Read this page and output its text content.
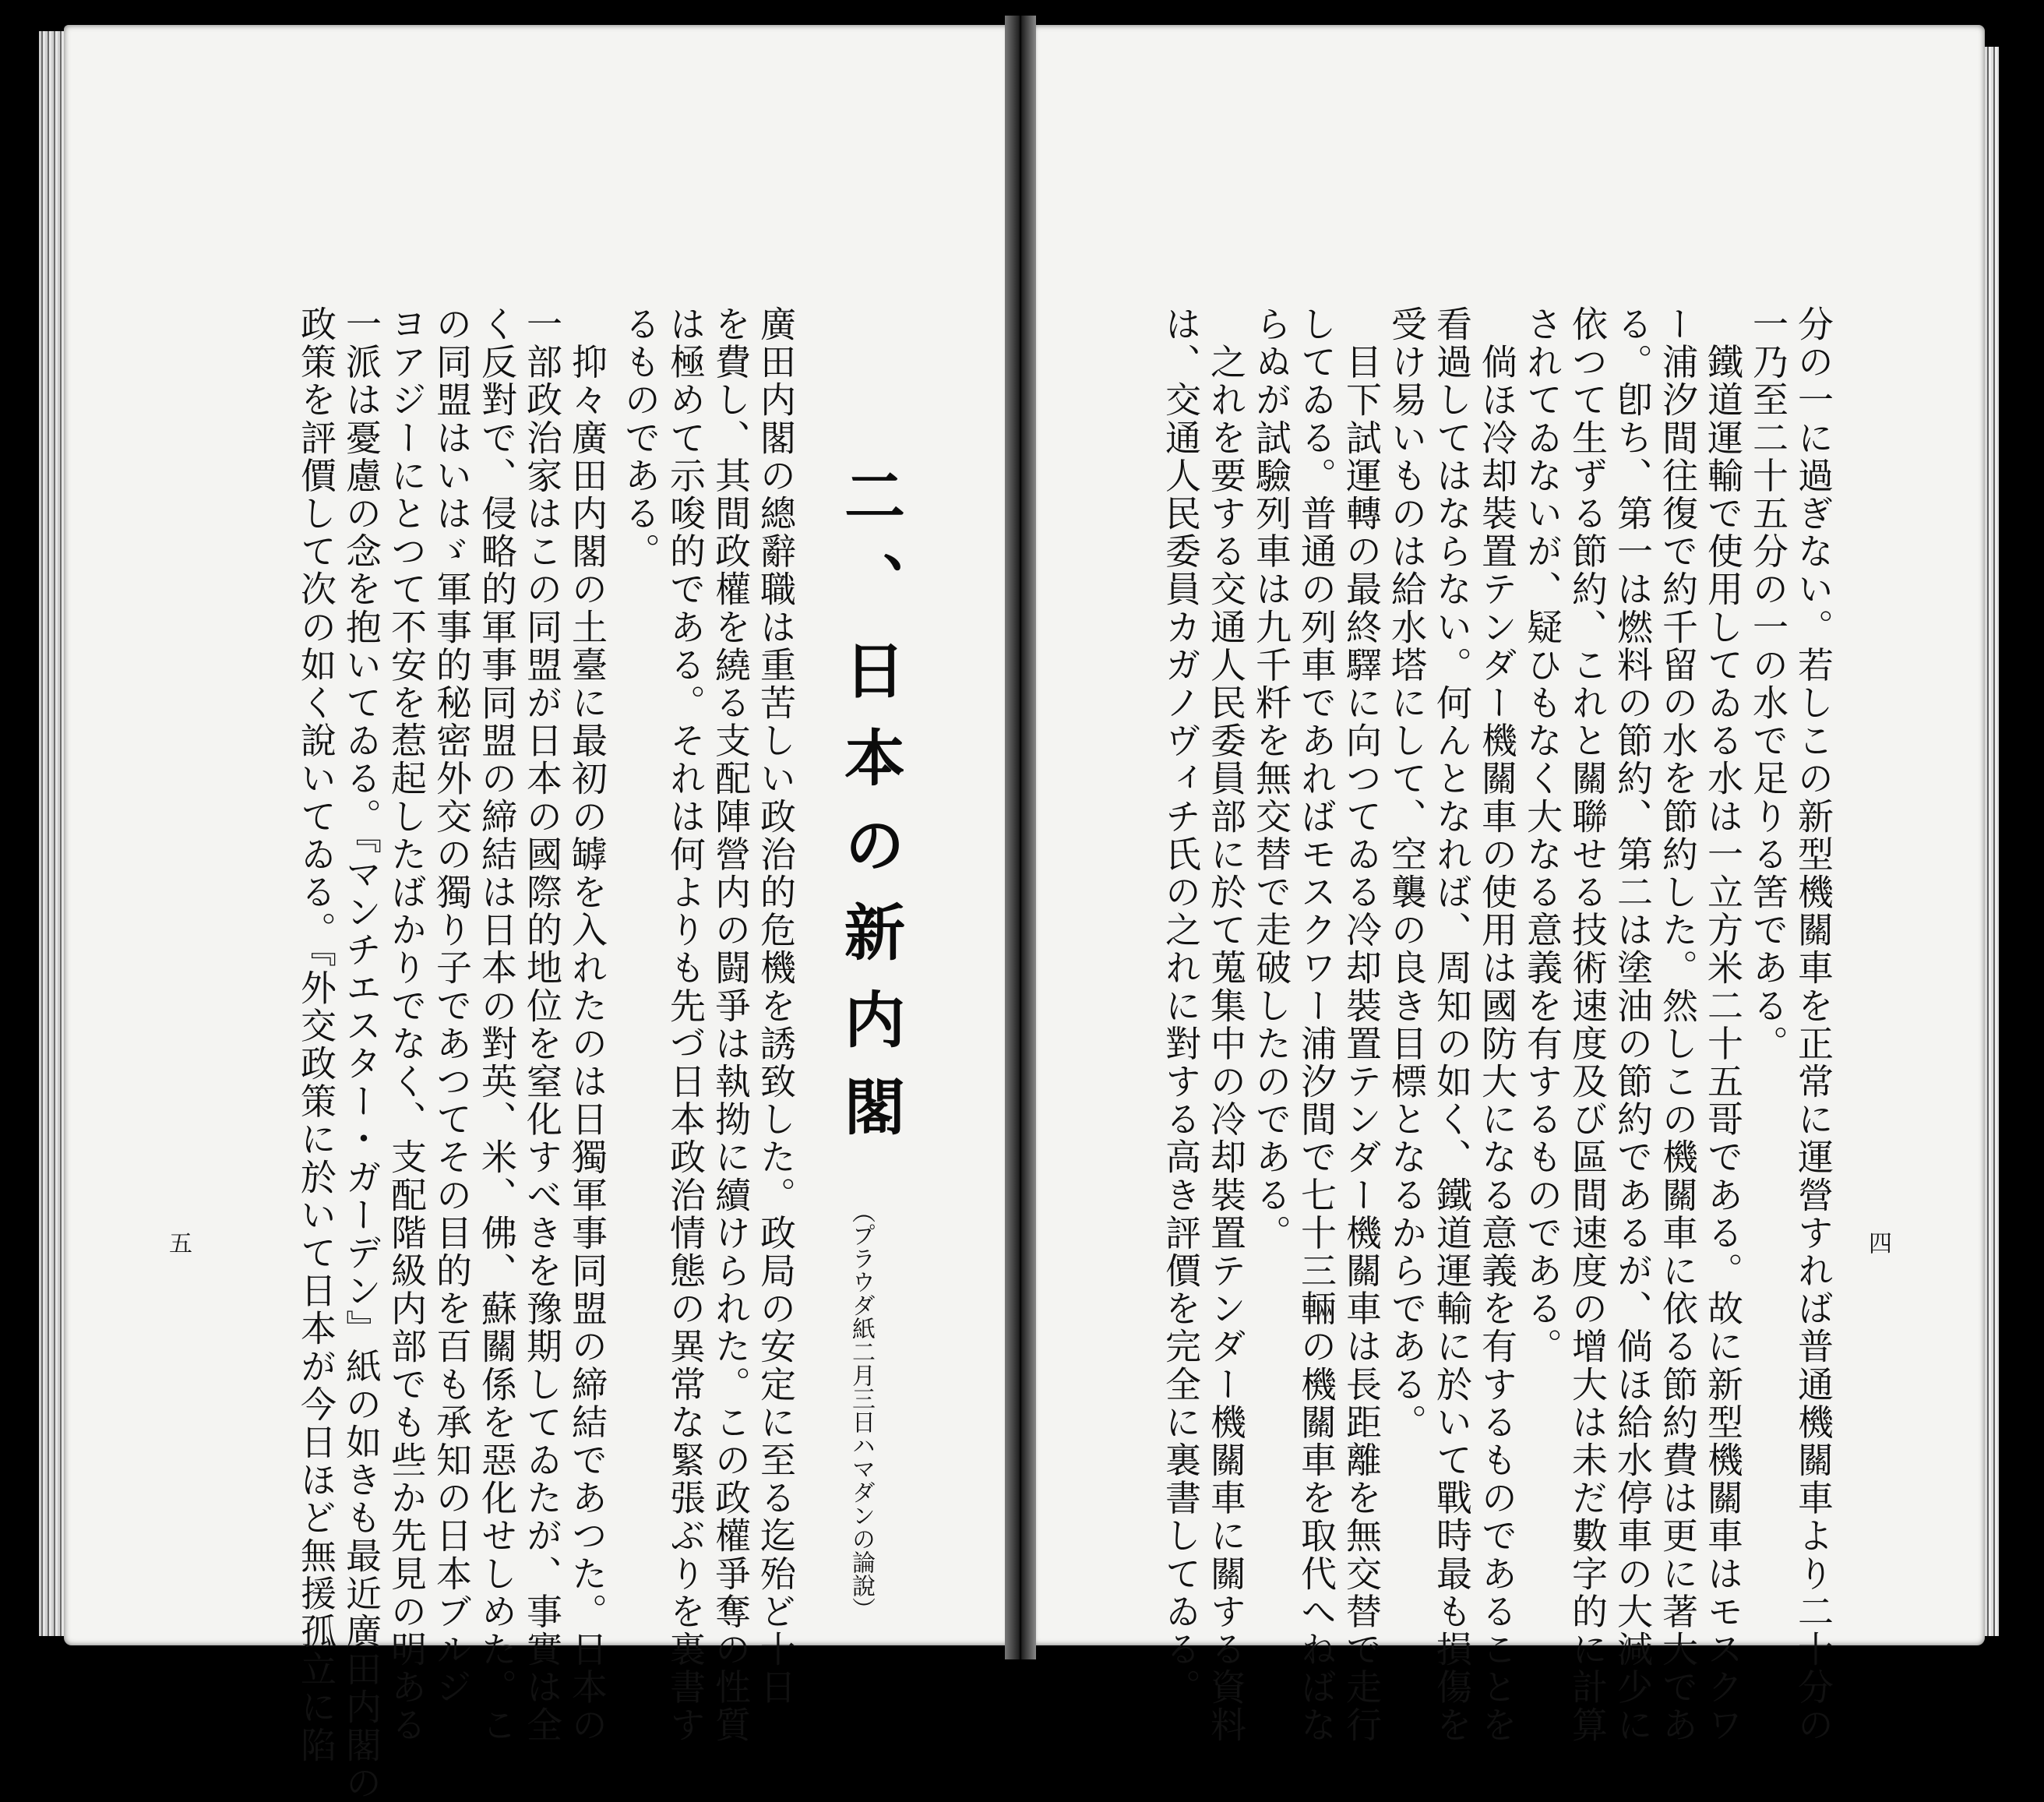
分の一に過ぎない。若しこの新型機關車を正常に運營すれば普通機關車より二十分の
一乃至二十五分の一の水で足りる筈である。
　鐵道運輸で使用してゐる水は一立方米二十五哥である。故に新型機關車はモスクワ
ー浦汐間往復で約千留の水を節約した。然しこの機關車に依る節約費は更に著大であ
る。卽ち、第一は燃料の節約、第二は塗油の節約であるが、倘ほ給水停車の大減少に
依つて生ずる節約、これと關聯せる技術速度及び區間速度の增大は未だ數字的に計算
されてゐないが、疑ひもなく大なる意義を有するものである。
　倘ほ冷却裝置テンダー機關車の使用は國防大になる意義を有するものであることを
看過してはならない。何んとなれば、周知の如く、鐵道運輸に於いて戰時最も損傷を
受け易いものは給水塔にして、空襲の良き目標となるからである。
　目下試運轉の最終驛に向つてゐる冷却裝置テンダー機關車は長距離を無交替で走行
してゐる。普通の列車であればモスクワー浦汐間で七十三輛の機關車を取代へねばな
らぬが試驗列車は九千粁を無交替で走破したのである。
　之れを要する交通人民委員部に於て蒐集中の冷却裝置テンダー機關車に關する資料
は、交通人民委員カガノヴィチ氏の之れに對する高き評價を完全に裏書してゐる。	四
二、日本の新内閣
（プラウダ紙二月三日ハマダンの論說）
廣田内閣の總辭職は重苦しい政治的危機を誘致した。政局の安定に至る迄殆ど十日
を費し、其間政權を繞る支配陣營内の闘爭は執拗に續けられた。この政權爭奪の性質
は極めて示唆的である。それは何よりも先づ日本政治情態の異常な緊張ぶりを裏書す
るものである。
　抑々廣田内閣の土臺に最初の罅を入れたのは日獨軍事同盟の締結であつた。日本の
一部政治家はこの同盟が日本の國際的地位を窒化すべきを豫期してゐたが、事實は全
く反對で、侵略的軍事同盟の締結は日本の對英、米、佛、蘇關係を惡化せしめた。こ
の同盟はいはゞ軍事的秘密外交の獨り子であつてその目的を百も承知の日本ブルジ
ヨアジーにとつて不安を惹起したばかりでなく、支配階級内部でも些か先見の明ある
一派は憂慮の念を抱いてゐる。『マンチエスター・ガーデン』紙の如きも最近廣田内閣の
政策を評價して次の如く說いてゐる。『外交政策に於いて日本が今日ほど無援孤立に陷
五
